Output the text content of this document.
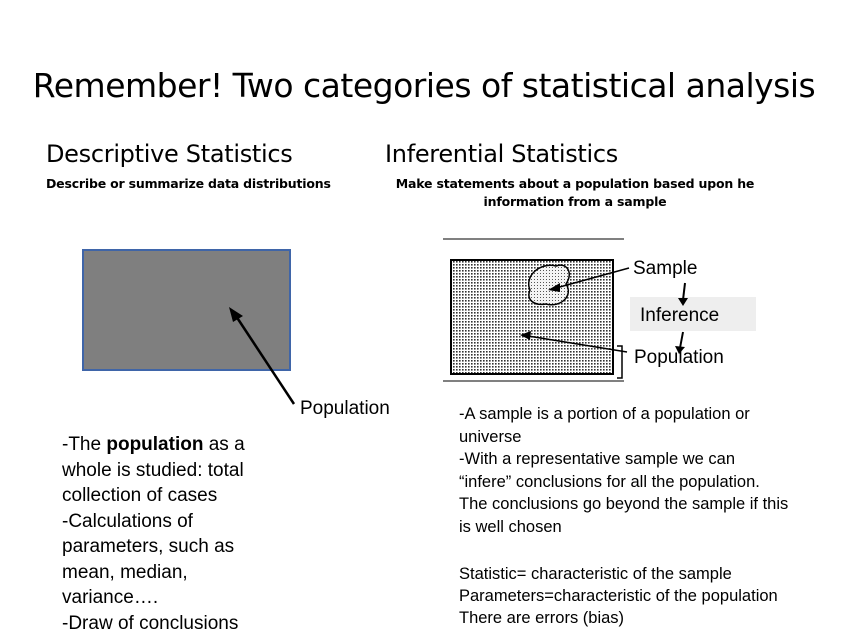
Remember! Two categories of statistical analysis
Descriptive Statistics
Describe or summarize data distributions
Inferential Statistics
Make statements about a population based upon he
information from a sample
Population
Sample
Inference
Population
-The population as a
whole is studied: total
collection of cases
-Calculations of
parameters, such as
mean, median,
variance….
-Draw of conclusions
-A sample is a portion of a population or
universe
-With a representative sample we can
“infere” conclusions for all the population.
The conclusions go beyond the sample if this
is well chosen
Statistic= characteristic of the sample
Parameters=characteristic of the population
There are errors (bias)
